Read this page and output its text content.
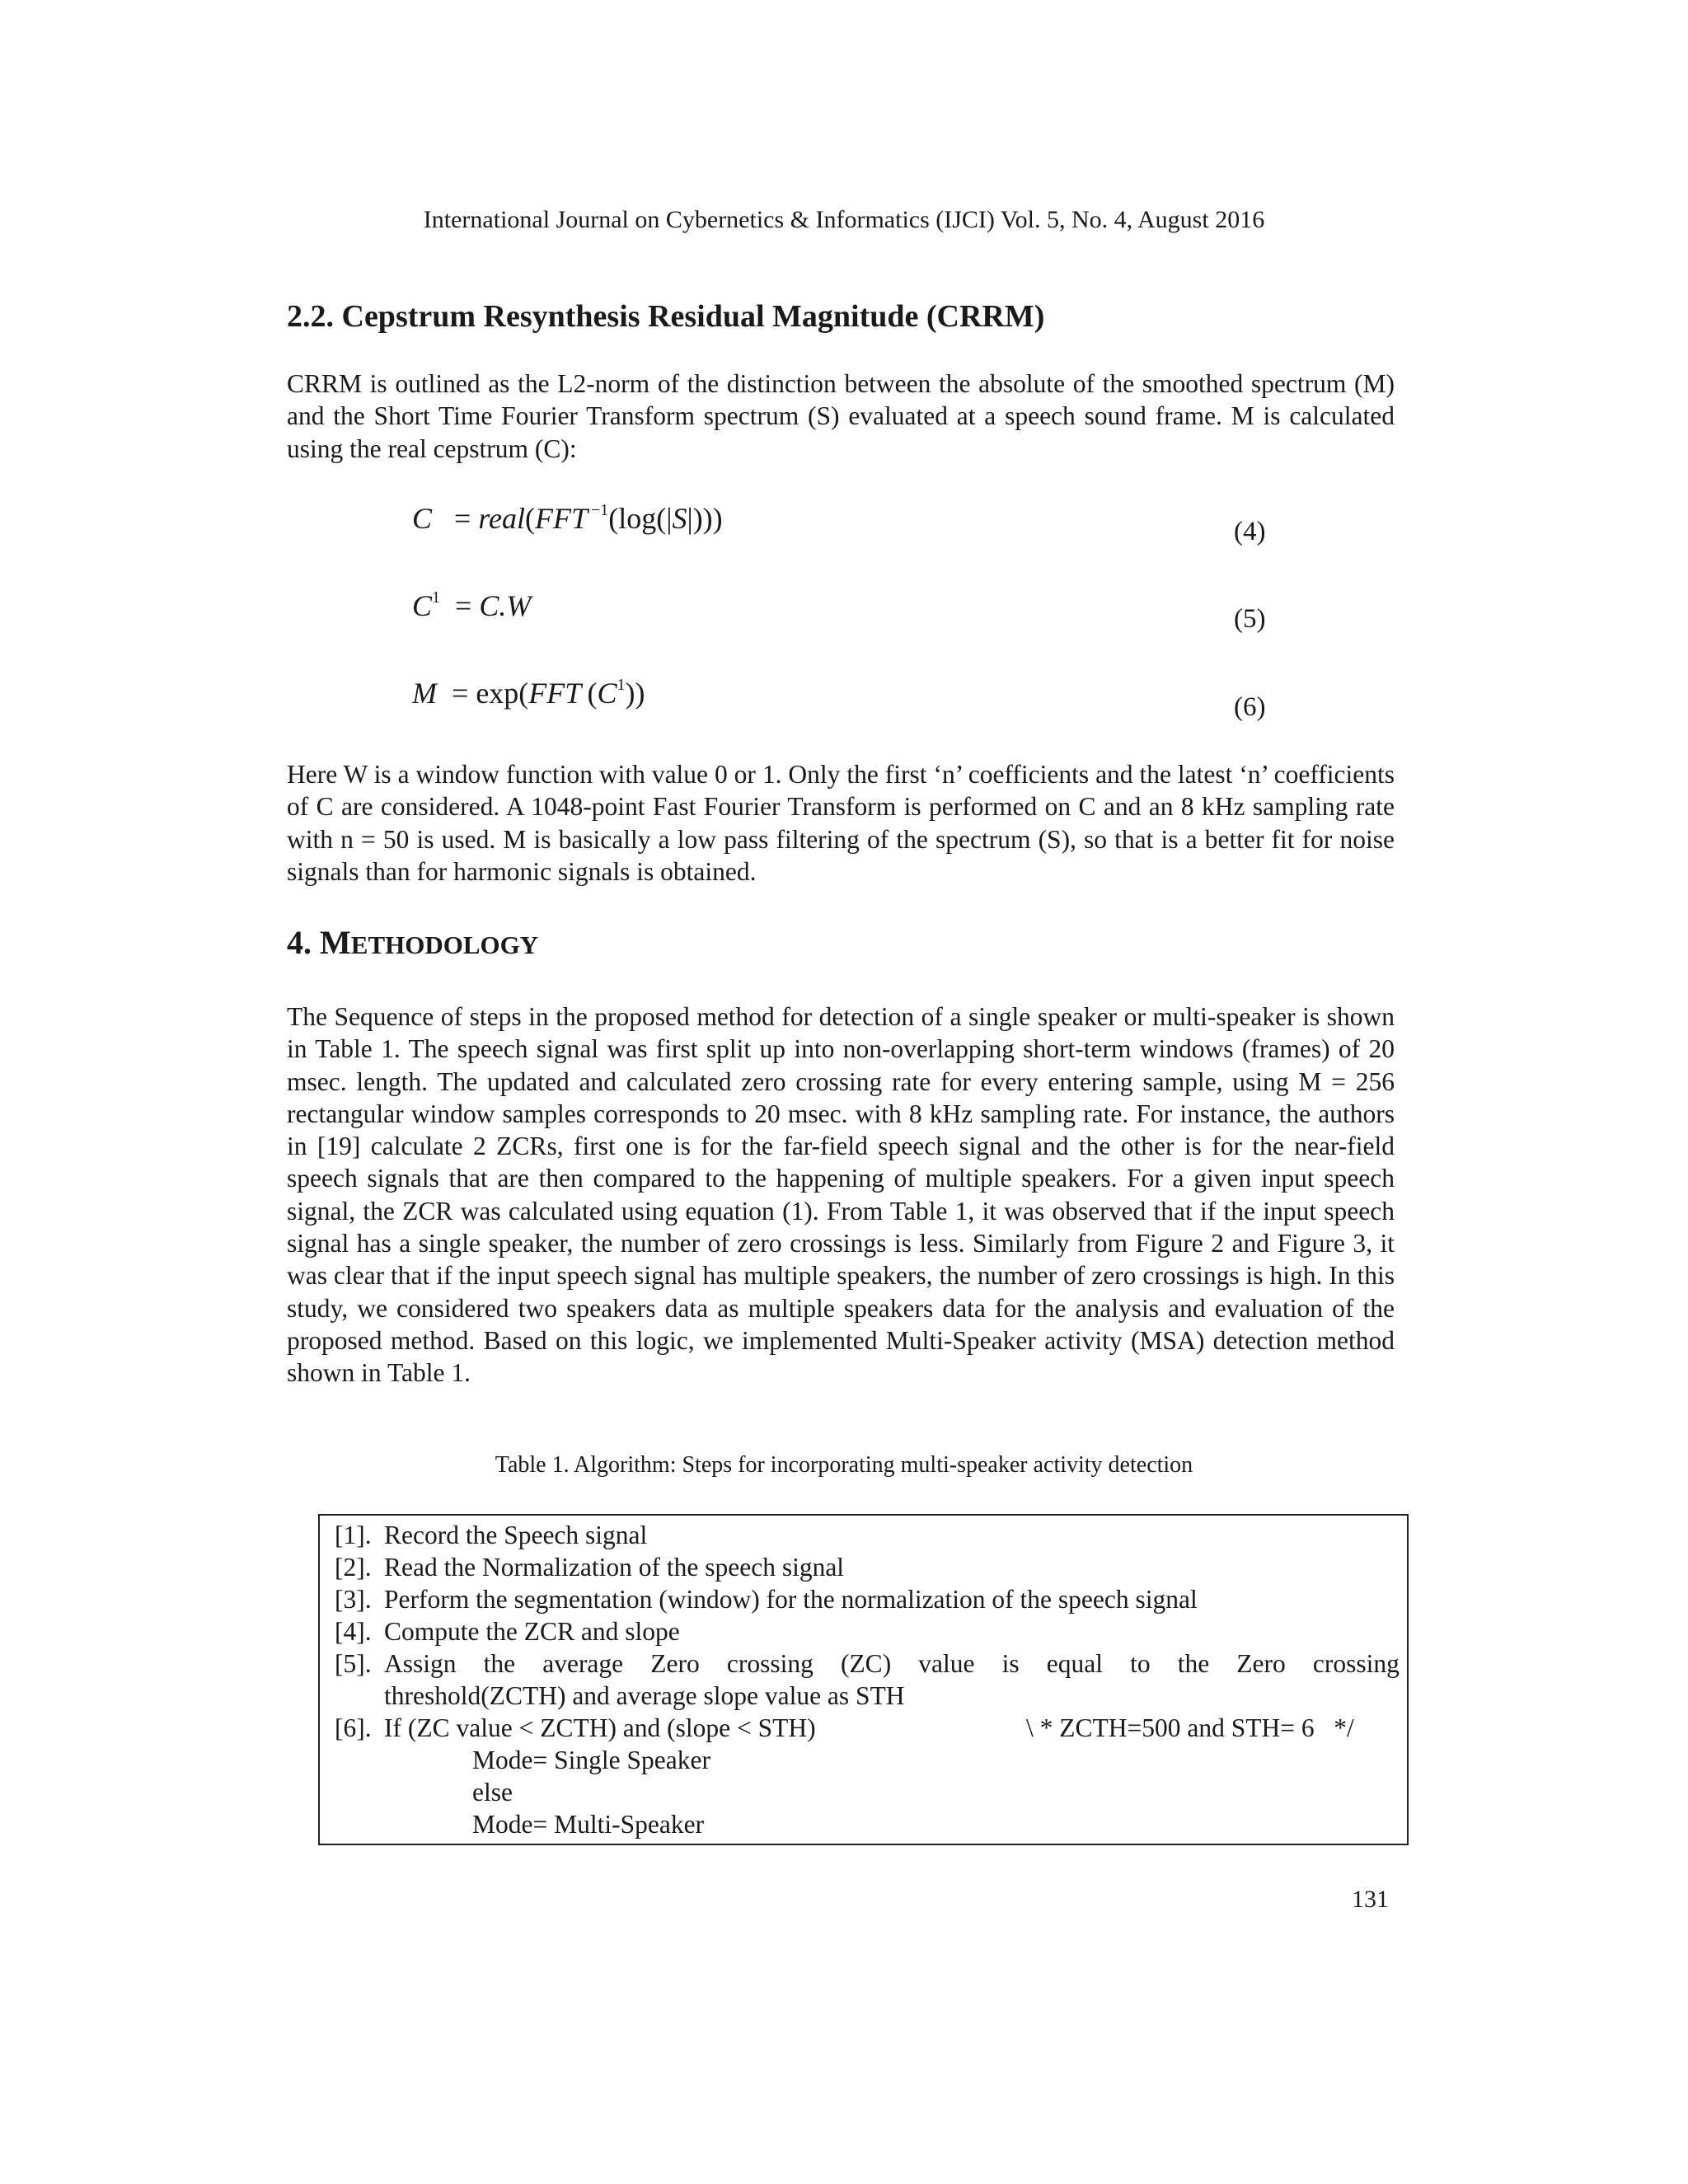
International Journal on Cybernetics & Informatics (IJCI) Vol. 5, No. 4, August 2016
2.2. Cepstrum Resynthesis Residual Magnitude (CRRM)

CRRM is outlined as the L2-norm of the distinction between the absolute of the smoothed spectrum (M) and the Short Time Fourier Transform spectrum (S) evaluated at a speech sound frame. M is calculated using the real cepstrum (C):

C = real(FFT $^{-1}$(log(|S|)))	(4)
$C^1 = C.W$	(5)
M = exp(FFT  $(C^1)$)	(6)

Here W is a window function with value 0 or 1. Only the first ‘n’ coefficients and the latest ‘n’ coefficients of C are considered. A 1048-point Fast Fourier Transform is performed on C and an 8 kHz sampling rate with n = 50 is used. M is basically a low pass filtering of the spectrum (S), so that is a better fit for noise signals than for harmonic signals is obtained.

4. METHODOLOGY

The Sequence of steps in the proposed method for detection of a single speaker or multi-speaker is shown in Table 1. The speech signal was first split up into non-overlapping short-term windows (frames) of 20 msec. length. The updated and calculated zero crossing rate for every entering sample, using M = 256 rectangular window samples corresponds to 20 msec. with 8 kHz sampling rate. For instance, the authors in [19] calculate 2 ZCRs, first one is for the far-field speech signal and the other is for the near-field speech signals that are then compared to the happening of multiple speakers. For a given input speech signal, the ZCR was calculated using equation (1). From Table 1, it was observed that if the input speech signal has a single speaker, the number of zero crossings is less. Similarly from Figure 2 and Figure 3, it was clear that if the input speech signal has multiple speakers, the number of zero crossings is high. In this study, we considered two speakers data as multiple speakers data for the analysis and evaluation of the proposed method. Based on this logic, we implemented Multi-Speaker activity (MSA) detection method shown in Table 1.

Table 1. Algorithm: Steps for incorporating multi-speaker activity detection
[1]. Record the Speech signal
[2]. Read the Normalization of the speech signal
[3]. Perform the segmentation (window) for the normalization of the speech signal
[4]. Compute the ZCR and slope
[5]. Assign the average Zero crossing (ZC) value is equal to the Zero crossing
threshold(ZCTH) and average slope value as STH
[6]. If (ZC value < ZCTH) and (slope < STH)	\ * ZCTH=500 and STH= 6   */
Mode= Single Speaker
else
Mode= Multi-Speaker
131
